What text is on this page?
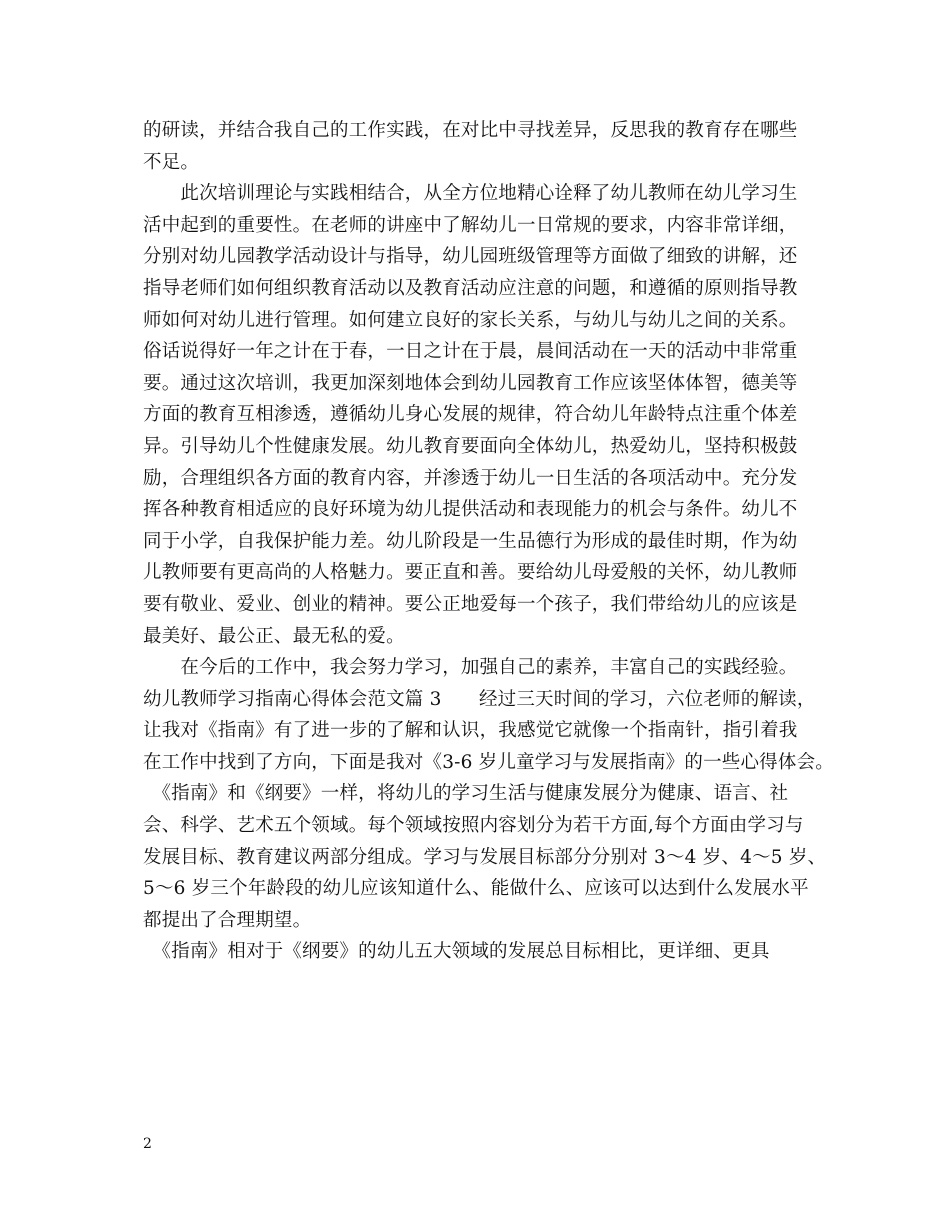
的研读，并结合我自己的工作实践，在对比中寻找差异，反思我的教育存在哪些
不足。
　　此次培训理论与实践相结合，从全方位地精心诠释了幼儿教师在幼儿学习生
活中起到的重要性。在老师的讲座中了解幼儿一日常规的要求，内容非常详细，
分别对幼儿园教学活动设计与指导，幼儿园班级管理等方面做了细致的讲解，还
指导老师们如何组织教育活动以及教育活动应注意的问题，和遵循的原则指导教
师如何对幼儿进行管理。如何建立良好的家长关系，与幼儿与幼儿之间的关系。
俗话说得好一年之计在于春，一日之计在于晨，晨间活动在一天的活动中非常重
要。通过这次培训，我更加深刻地体会到幼儿园教育工作应该坚体体智，德美等
方面的教育互相渗透，遵循幼儿身心发展的规律，符合幼儿年龄特点注重个体差
异。引导幼儿个性健康发展。幼儿教育要面向全体幼儿，热爱幼儿，坚持积极鼓
励，合理组织各方面的教育内容，并渗透于幼儿一日生活的各项活动中。充分发
挥各种教育相适应的良好环境为幼儿提供活动和表现能力的机会与条件。幼儿不
同于小学，自我保护能力差。幼儿阶段是一生品德行为形成的最佳时期，作为幼
儿教师要有更高尚的人格魅力。要正直和善。要给幼儿母爱般的关怀，幼儿教师
要有敬业、爱业、创业的精神。要公正地爱每一个孩子，我们带给幼儿的应该是
最美好、最公正、最无私的爱。
　　在今后的工作中，我会努力学习，加强自己的素养，丰富自己的实践经验。
幼儿教师学习指南心得体会范文篇 3　　经过三天时间的学习，六位老师的解读，
让我对《指南》有了进一步的了解和认识，我感觉它就像一个指南针，指引着我
在工作中找到了方向，下面是我对《3-6 岁儿童学习与发展指南》的一些心得体会。
　《指南》和《纲要》一样，将幼儿的学习生活与健康发展分为健康、语言、社
会、科学、艺术五个领域。每个领域按照内容划分为若干方面,每个方面由学习与
发展目标、教育建议两部分组成。学习与发展目标部分分别对 3～4 岁、4～5 岁、
5～6 岁三个年龄段的幼儿应该知道什么、能做什么、应该可以达到什么发展水平
都提出了合理期望。
　《指南》相对于《纲要》的幼儿五大领域的发展总目标相比，更详细、更具
2
